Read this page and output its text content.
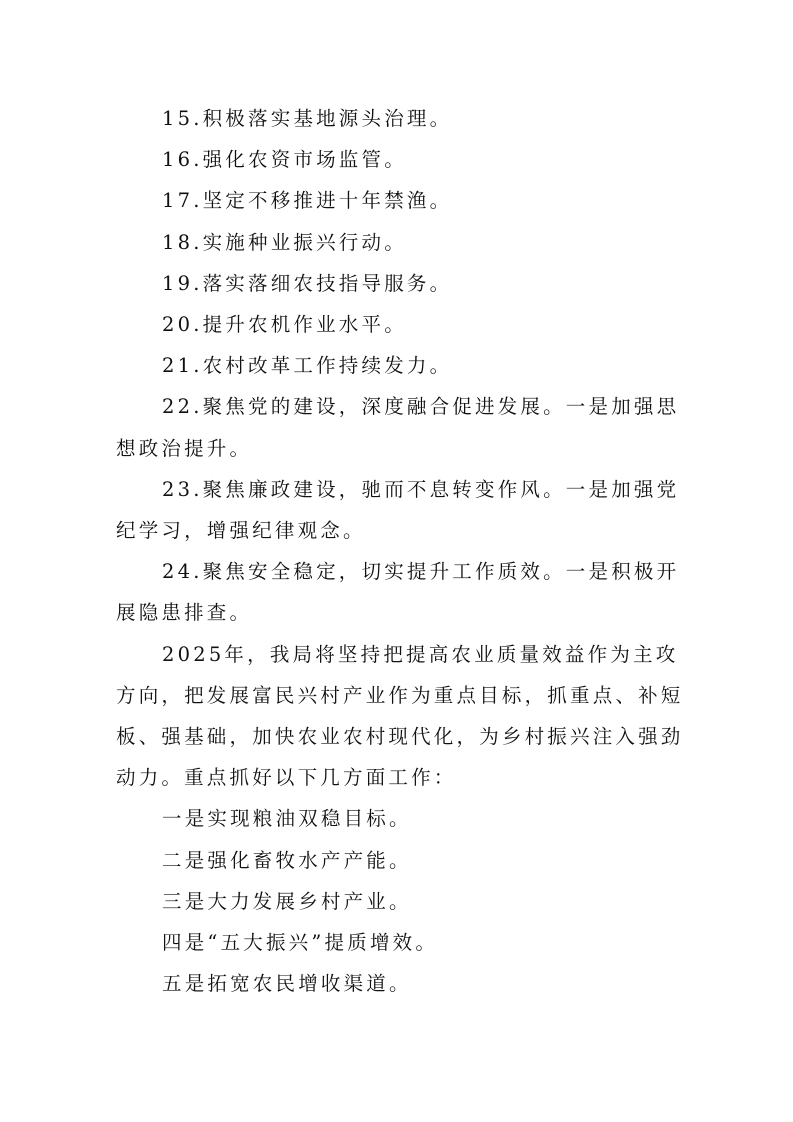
15.积极落实基地源头治理。

16.强化农资市场监管。

17.坚定不移推进十年禁渔。

18.实施种业振兴行动。

19.落实落细农技指导服务。

20.提升农机作业水平。

21.农村改革工作持续发力。

22.聚焦党的建设，深度融合促进发展。一是加强思想政治提升。

23.聚焦廉政建设，驰而不息转变作风。一是加强党纪学习，增强纪律观念。

24.聚焦安全稳定，切实提升工作质效。一是积极开展隐患排查。

2025年，我局将坚持把提高农业质量效益作为主攻方向，把发展富民兴村产业作为重点目标，抓重点、补短板、强基础，加快农业农村现代化，为乡村振兴注入强劲动力。重点抓好以下几方面工作：

一是实现粮油双稳目标。

二是强化畜牧水产产能。

三是大力发展乡村产业。

四是“五大振兴”提质增效。

五是拓宽农民增收渠道。
